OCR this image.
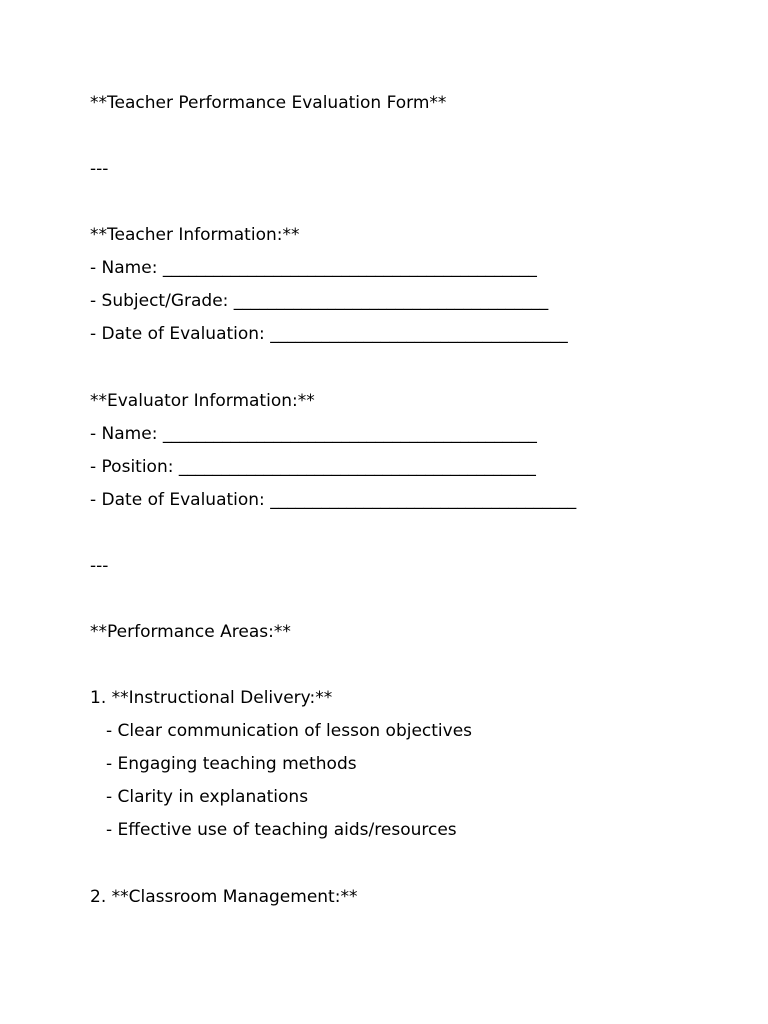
**Teacher Performance Evaluation Form**

---

**Teacher Information:**

- Name: ____________________________________________

- Subject/Grade: _____________________________________

- Date of Evaluation: ___________________________________

**Evaluator Information:**

- Name: ____________________________________________

- Position: __________________________________________

- Date of Evaluation: ____________________________________

---

**Performance Areas:**

1. **Instructional Delivery:**

- Clear communication of lesson objectives

- Engaging teaching methods

- Clarity in explanations

- Effective use of teaching aids/resources

2. **Classroom Management:**
